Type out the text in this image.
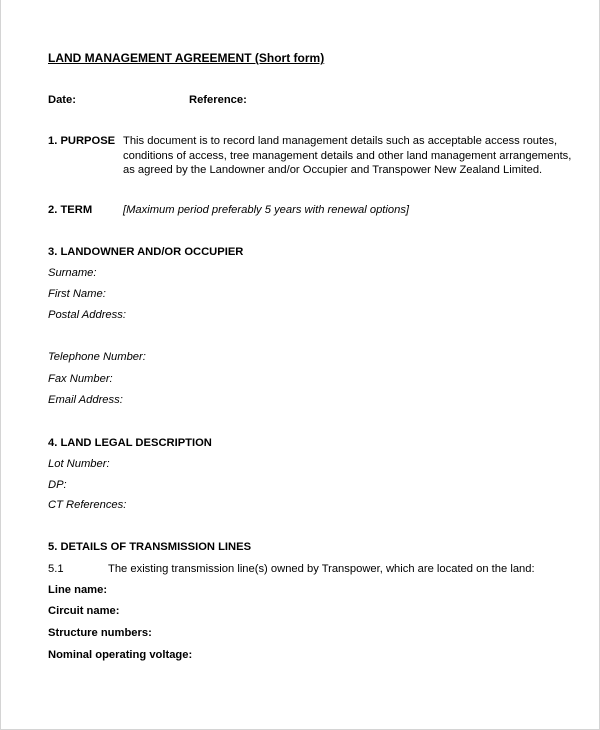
LAND MANAGEMENT AGREEMENT (Short form)
Date:	Reference:
1. PURPOSE This document is to record land management details such as acceptable access routes,
conditions of access, tree management details and other land management arrangements,
as agreed by the Landowner and/or Occupier and Transpower New Zealand Limited.
2. TERM	[Maximum period preferably 5 years with renewal options]
3. LANDOWNER AND/OR OCCUPIER
Surname:
First Name:
Postal Address:
Telephone Number:
Fax Number:
Email Address:
4. LAND LEGAL DESCRIPTION
Lot Number:
DP:
CT References:
5. DETAILS OF TRANSMISSION LINES
5.1	The existing transmission line(s) owned by Transpower, which are located on the land:
Line name:
Circuit name:
Structure numbers:
Nominal operating voltage:
